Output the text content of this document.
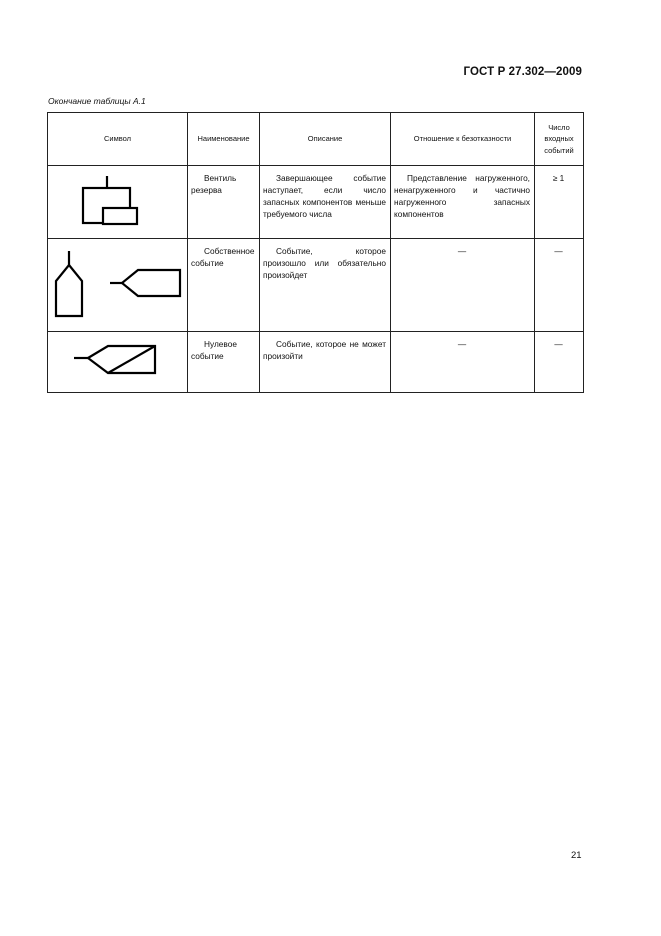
ГОСТ Р 27.302—2009
Окончание таблицы А.1
Символ	Наименование	Описание	Отношение к безотказности	Число входных событий

Вентиль резерва	Завершающее событие наступает, если число запасных компонентов меньше требуемого числа	Представление нагруженного, ненагруженного и частично нагруженного запасных компонентов	≥ 1

Собственное событие	Событие, которое произошло или обязательно произойдет	—	—

Нулевое событие	Событие, которое не может произойти	—	—
21
